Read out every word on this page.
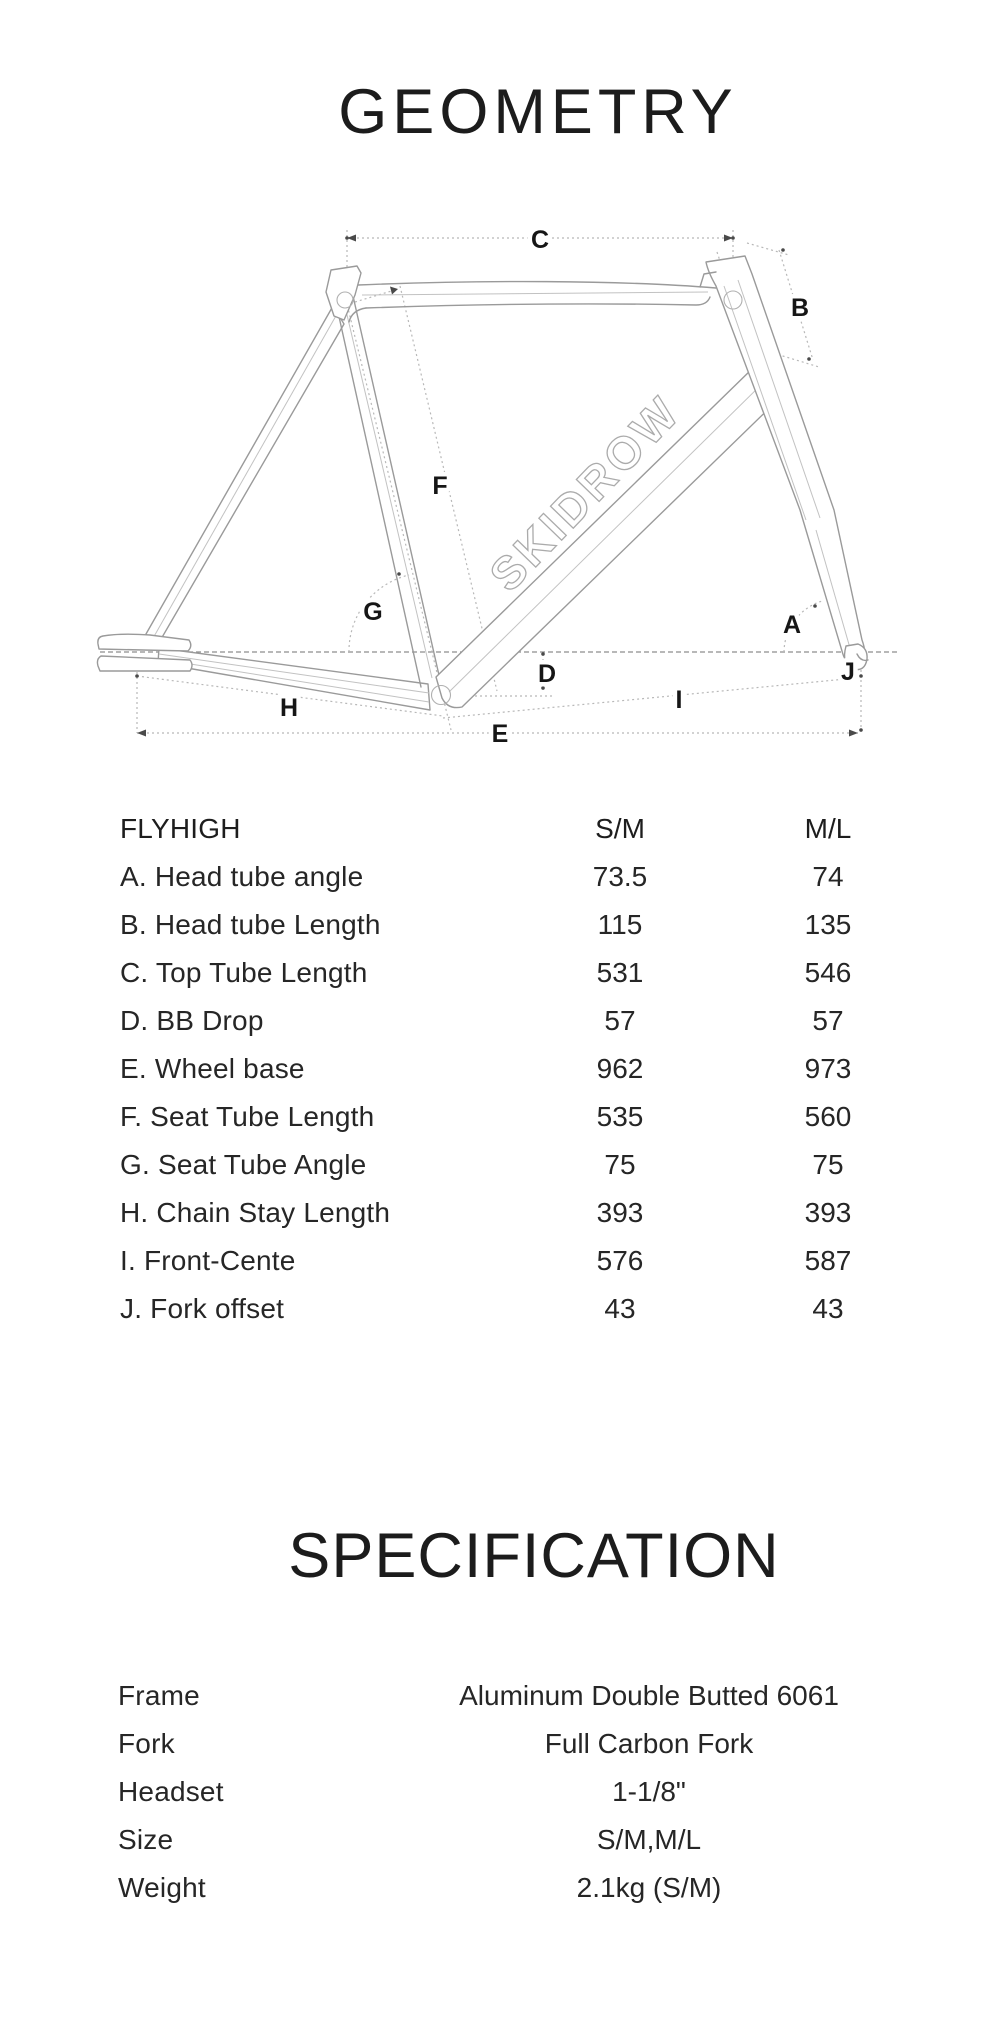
GEOMETRY
SKIDROW
A
B
C
D
E
F
G
H	I
J
FLYHIGH	S/M	M/L
A. Head tube angle	73.5	74
B. Head tube Length	115	135
C. Top Tube Length	531	546
D. BB Drop	57	57
E. Wheel base	962	973
F. Seat Tube Length	535	560
G. Seat Tube Angle	75	75
H. Chain Stay Length	393	393
I. Front-Cente	576	587
J. Fork offset	43	43
SPECIFICATION
Frame	Aluminum Double Butted 6061
Fork	Full Carbon Fork
Headset	1-1/8"
Size	S/M,M/L
Weight	2.1kg (S/M)
